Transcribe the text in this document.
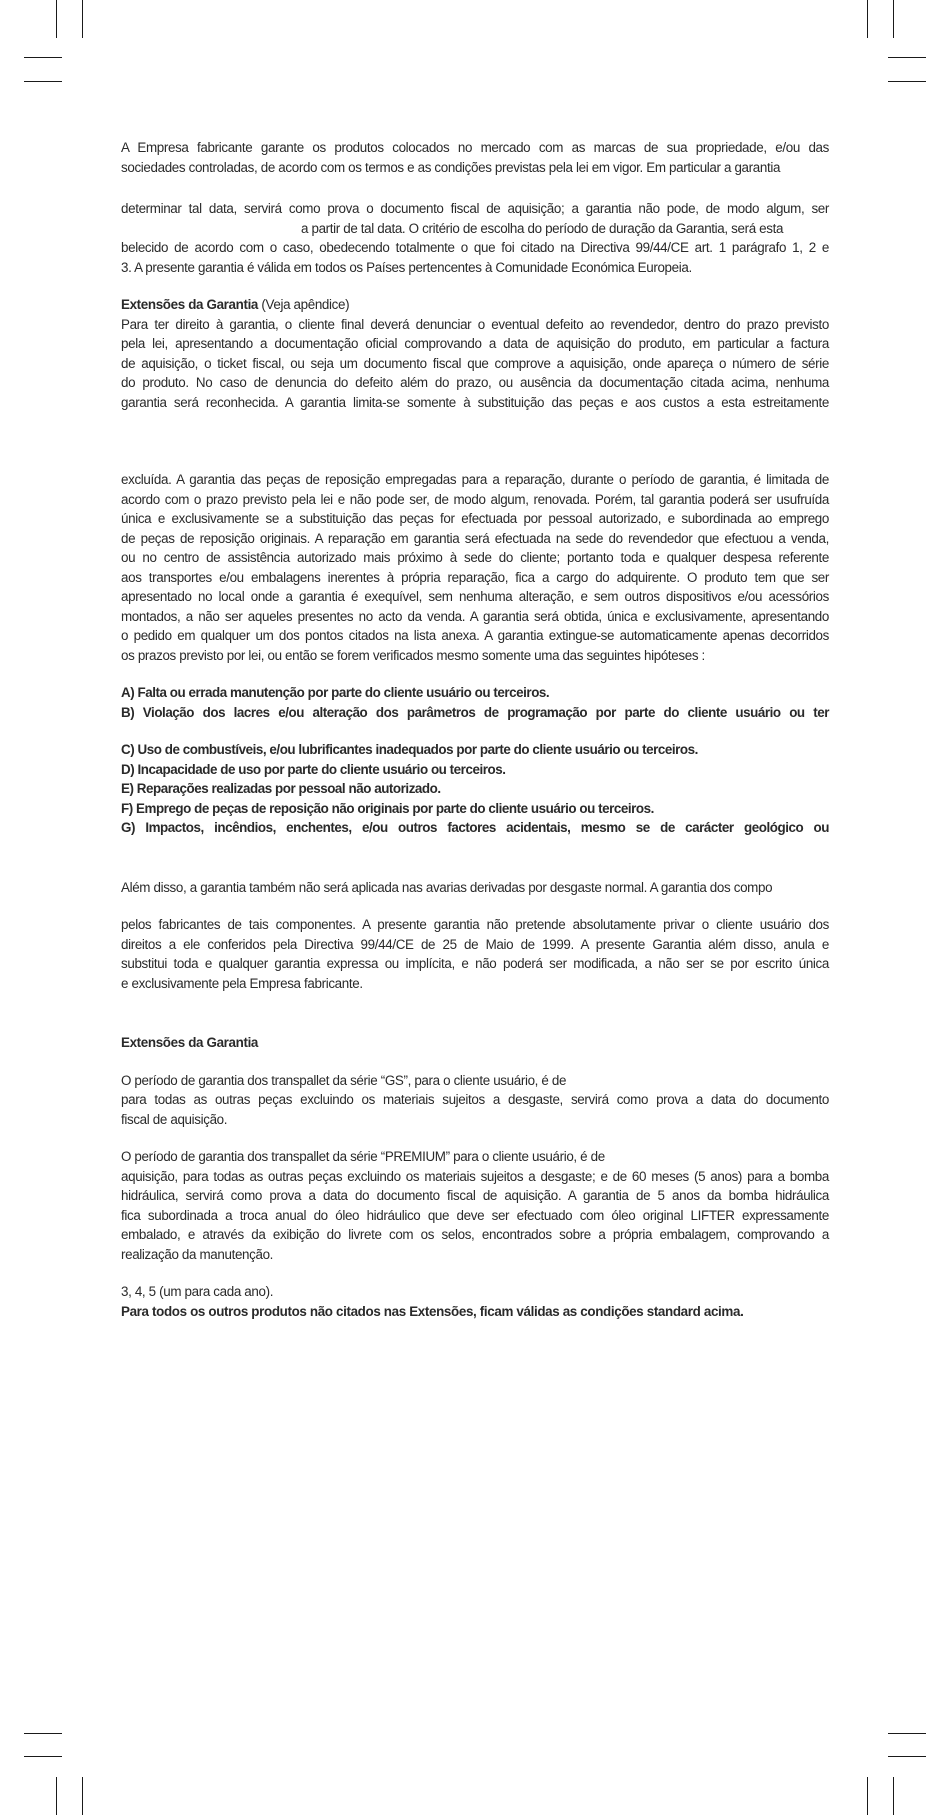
A Empresa fabricante garante os produtos colocados no mercado com as marcas de sua propriedade, e/ou das
sociedades controladas, de acordo com os termos e as condições previstas pela lei em vigor. Em particular a garantia
determinar tal data, servirá como prova o documento fiscal de aquisição; a garantia não pode, de modo algum, ser
a partir de tal data. O critério de escolha do período de duração da Garantia, será esta
belecido de acordo com o caso, obedecendo totalmente o que foi citado na Directiva 99/44/CE art. 1 parágrafo 1, 2 e
3. A presente garantia é válida em todos os Países pertencentes à Comunidade Económica Europeia.
Extensões da Garantia (Veja apêndice)
Para ter direito à garantia, o cliente final deverá denunciar o eventual defeito ao revendedor, dentro do prazo previsto
pela lei, apresentando a documentação oficial comprovando a data de aquisição do produto, em particular a factura
de aquisição, o ticket fiscal, ou seja um documento fiscal que comprove a aquisição, onde apareça o número de série
do produto. No caso de denuncia do defeito além do prazo, ou ausência da documentação citada acima, nenhuma
garantia será reconhecida. A garantia limita-se somente à substituição das peças e aos custos a esta estreitamente
excluída. A garantia das peças de reposição empregadas para a reparação, durante o período de garantia, é limitada de
acordo com o prazo previsto pela lei e não pode ser, de modo algum, renovada. Porém, tal garantia poderá ser usufruída
única e exclusivamente se a substituição das peças for efectuada por pessoal autorizado, e subordinada ao emprego
de peças de reposição originais. A reparação em garantia será efectuada na sede do revendedor que efectuou a venda,
ou no centro de assistência autorizado mais próximo à sede do cliente; portanto toda e qualquer despesa referente
aos transportes e/ou embalagens inerentes à própria reparação, fica a cargo do adquirente. O produto tem que ser
apresentado no local onde a garantia é exequível, sem nenhuma alteração, e sem outros dispositivos e/ou acessórios
montados, a não ser aqueles presentes no acto da venda. A garantia será obtida, única e exclusivamente, apresentando
o pedido em qualquer um dos pontos citados na lista anexa. A garantia extingue-se automaticamente apenas decorridos
os prazos previsto por lei, ou então se forem verificados mesmo somente uma das seguintes hipóteses :
A) Falta ou errada manutenção por parte do cliente usuário ou terceiros.
B) Violação dos lacres e/ou alteração dos parâmetros de programação por parte do cliente usuário ou ter
C) Uso de combustíveis, e/ou lubrificantes inadequados por parte do cliente usuário ou terceiros.
D) Incapacidade de uso por parte do cliente usuário ou terceiros.
E) Reparações realizadas por pessoal não autorizado.
F) Emprego de peças de reposição não originais por parte do cliente usuário ou terceiros.
G) Impactos, incêndios, enchentes, e/ou outros factores acidentais, mesmo se de carácter geológico ou
Além disso, a garantia também não será aplicada nas avarias derivadas por desgaste normal. A garantia dos compo
pelos fabricantes de tais componentes. A presente garantia não pretende absolutamente privar o cliente usuário dos
direitos a ele conferidos pela Directiva 99/44/CE de 25 de Maio de 1999. A presente Garantia além disso, anula e
substitui toda e qualquer garantia expressa ou implícita, e não poderá ser modificada, a não ser se por escrito única
e exclusivamente pela Empresa fabricante.
Extensões da Garantia
O período de garantia dos transpallet da série “GS”, para o cliente usuário, é de
para todas as outras peças excluindo os materiais sujeitos a desgaste, servirá como prova a data do documento
fiscal de aquisição.
O período de garantia dos transpallet da série “PREMIUM” para o cliente usuário, é de
aquisição, para todas as outras peças excluindo os materiais sujeitos a desgaste; e de 60 meses (5 anos) para a bomba
hidráulica, servirá como prova a data do documento fiscal de aquisição. A garantia de 5 anos da bomba hidráulica
fica subordinada a troca anual do óleo hidráulico que deve ser efectuado com óleo original LIFTER expressamente
embalado, e através da exibição do livrete com os selos, encontrados sobre a própria embalagem, comprovando a
realização da manutenção.
3, 4, 5 (um para cada ano).
Para todos os outros produtos não citados nas Extensões, ficam válidas as condições standard acima.
